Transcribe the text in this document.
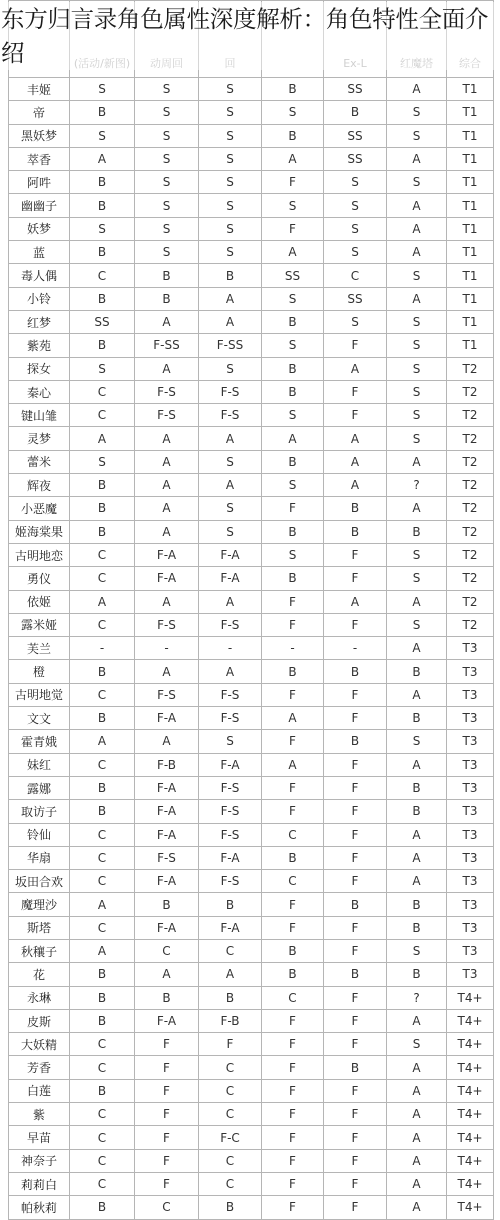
	(活动/新图)	动周回	回		Ex-L	红魔塔	综合
丰姬	S	S	S	B	SS	A	T1
帝	B	S	S	S	B	S	T1
黑妖梦	S	S	S	B	SS	S	T1
萃香	A	S	S	A	SS	A	T1
阿吽	B	S	S	F	S	S	T1
幽幽子	B	S	S	S	S	A	T1
妖梦	S	S	S	F	S	A	T1
蓝	B	S	S	A	S	A	T1
毒人偶	C	B	B	SS	C	S	T1
小铃	B	B	A	S	SS	A	T1
红梦	SS	A	A	B	S	S	T1
紫苑	B	F-SS	F-SS	S	F	S	T1
探女	S	A	S	B	A	S	T2
秦心	C	F-S	F-S	B	F	S	T2
键山雏	C	F-S	F-S	S	F	S	T2
灵梦	A	A	A	A	A	S	T2
蕾米	S	A	S	B	A	A	T2
辉夜	B	A	A	S	A	?	T2
小恶魔	B	A	S	F	B	A	T2
姬海棠果	B	A	S	B	B	B	T2
古明地恋	C	F-A	F-A	S	F	S	T2
勇仪	C	F-A	F-A	B	F	S	T2
依姬	A	A	A	F	A	A	T2
露米娅	C	F-S	F-S	F	F	S	T2
芙兰	-	-	-	-	-	A	T3
橙	B	A	A	B	B	B	T3
古明地觉	C	F-S	F-S	F	F	A	T3
文文	B	F-A	F-S	A	F	B	T3
霍青娥	A	A	S	F	B	S	T3
妹红	C	F-B	F-A	A	F	A	T3
露娜	B	F-A	F-S	F	F	B	T3
取访子	B	F-A	F-S	F	F	B	T3
铃仙	C	F-A	F-S	C	F	A	T3
华扇	C	F-S	F-A	B	F	A	T3
坂田合欢	C	F-A	F-S	C	F	A	T3
魔理沙	A	B	B	F	B	B	T3
斯塔	C	F-A	F-A	F	F	B	T3
秋穰子	A	C	C	B	F	S	T3
花	B	A	A	B	B	B	T3
永琳	B	B	B	C	F	?	T4+
皮斯	B	F-A	F-B	F	F	A	T4+
大妖精	C	F	F	F	F	S	T4+
芳香	C	F	C	F	B	A	T4+
白莲	B	F	C	F	F	A	T4+
紫	C	F	C	F	F	A	T4+
早苗	C	F	F-C	F	F	A	T4+
神奈子	C	F	C	F	F	A	T4+
莉莉白	C	F	C	F	F	A	T4+
帕秋莉	B	C	B	F	F	A	T4+
东方归言录角色属性深度解析：角色特性全面介绍
